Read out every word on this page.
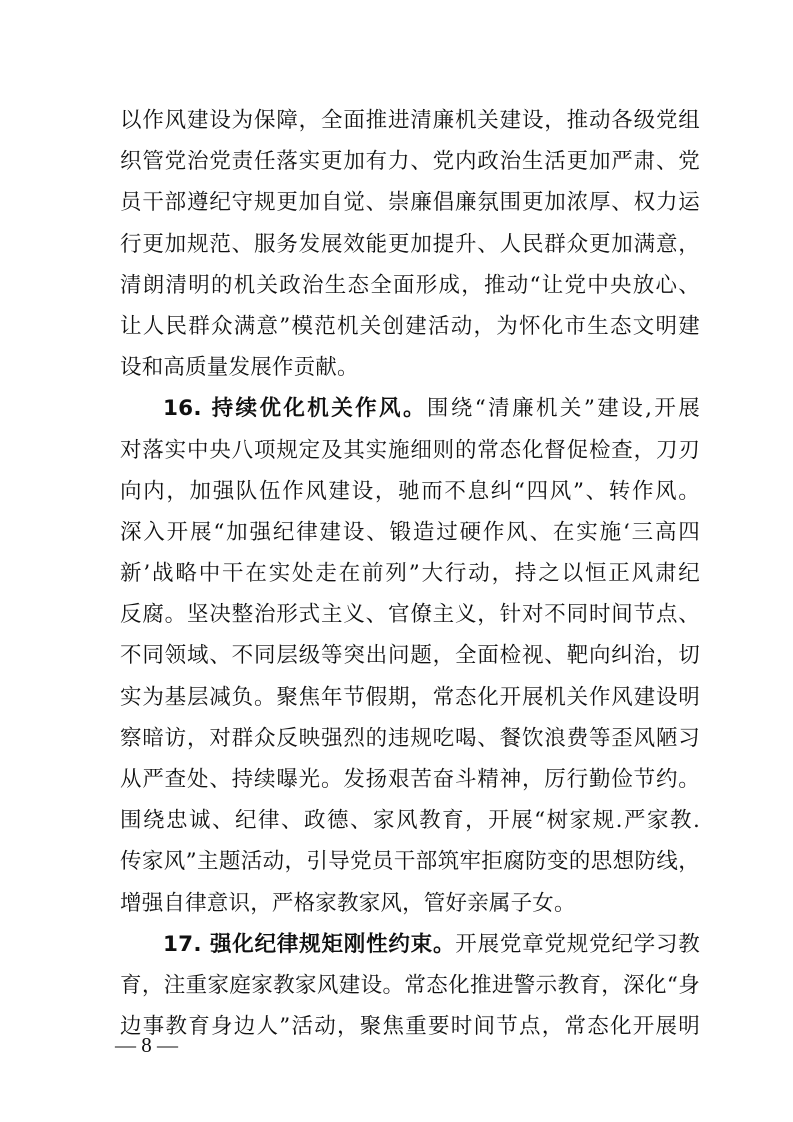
以作风建设为保障，全面推进清廉机关建设，推动各级党组
织管党治党责任落实更加有力、党内政治生活更加严肃、党
员干部遵纪守规更加自觉、崇廉倡廉氛围更加浓厚、权力运
行更加规范、服务发展效能更加提升、人民群众更加满意，
清朗清明的机关政治生态全面形成，推动“让党中央放心、
让人民群众满意”模范机关创建活动，为怀化市生态文明建
设和高质量发展作贡献。
16. 持续优化机关作风。围绕“清廉机关”建设,开展
对落实中央八项规定及其实施细则的常态化督促检查，刀刃
向内，加强队伍作风建设，驰而不息纠“四风”、转作风。
深入开展“加强纪律建设、锻造过硬作风、在实施‘三高四
新’战略中干在实处走在前列”大行动，持之以恒正风肃纪
反腐。坚决整治形式主义、官僚主义，针对不同时间节点、
不同领域、不同层级等突出问题，全面检视、靶向纠治，切
实为基层减负。聚焦年节假期，常态化开展机关作风建设明
察暗访，对群众反映强烈的违规吃喝、餐饮浪费等歪风陋习
从严查处、持续曝光。发扬艰苦奋斗精神，厉行勤俭节约。
围绕忠诚、纪律、政德、家风教育，开展“树家规.严家教.
传家风”主题活动，引导党员干部筑牢拒腐防变的思想防线，
增强自律意识，严格家教家风，管好亲属子女。
17. 强化纪律规矩刚性约束。开展党章党规党纪学习教
育，注重家庭家教家风建设。常态化推进警示教育，深化“身
边事教育身边人”活动，聚焦重要时间节点，常态化开展明
— 8 —
